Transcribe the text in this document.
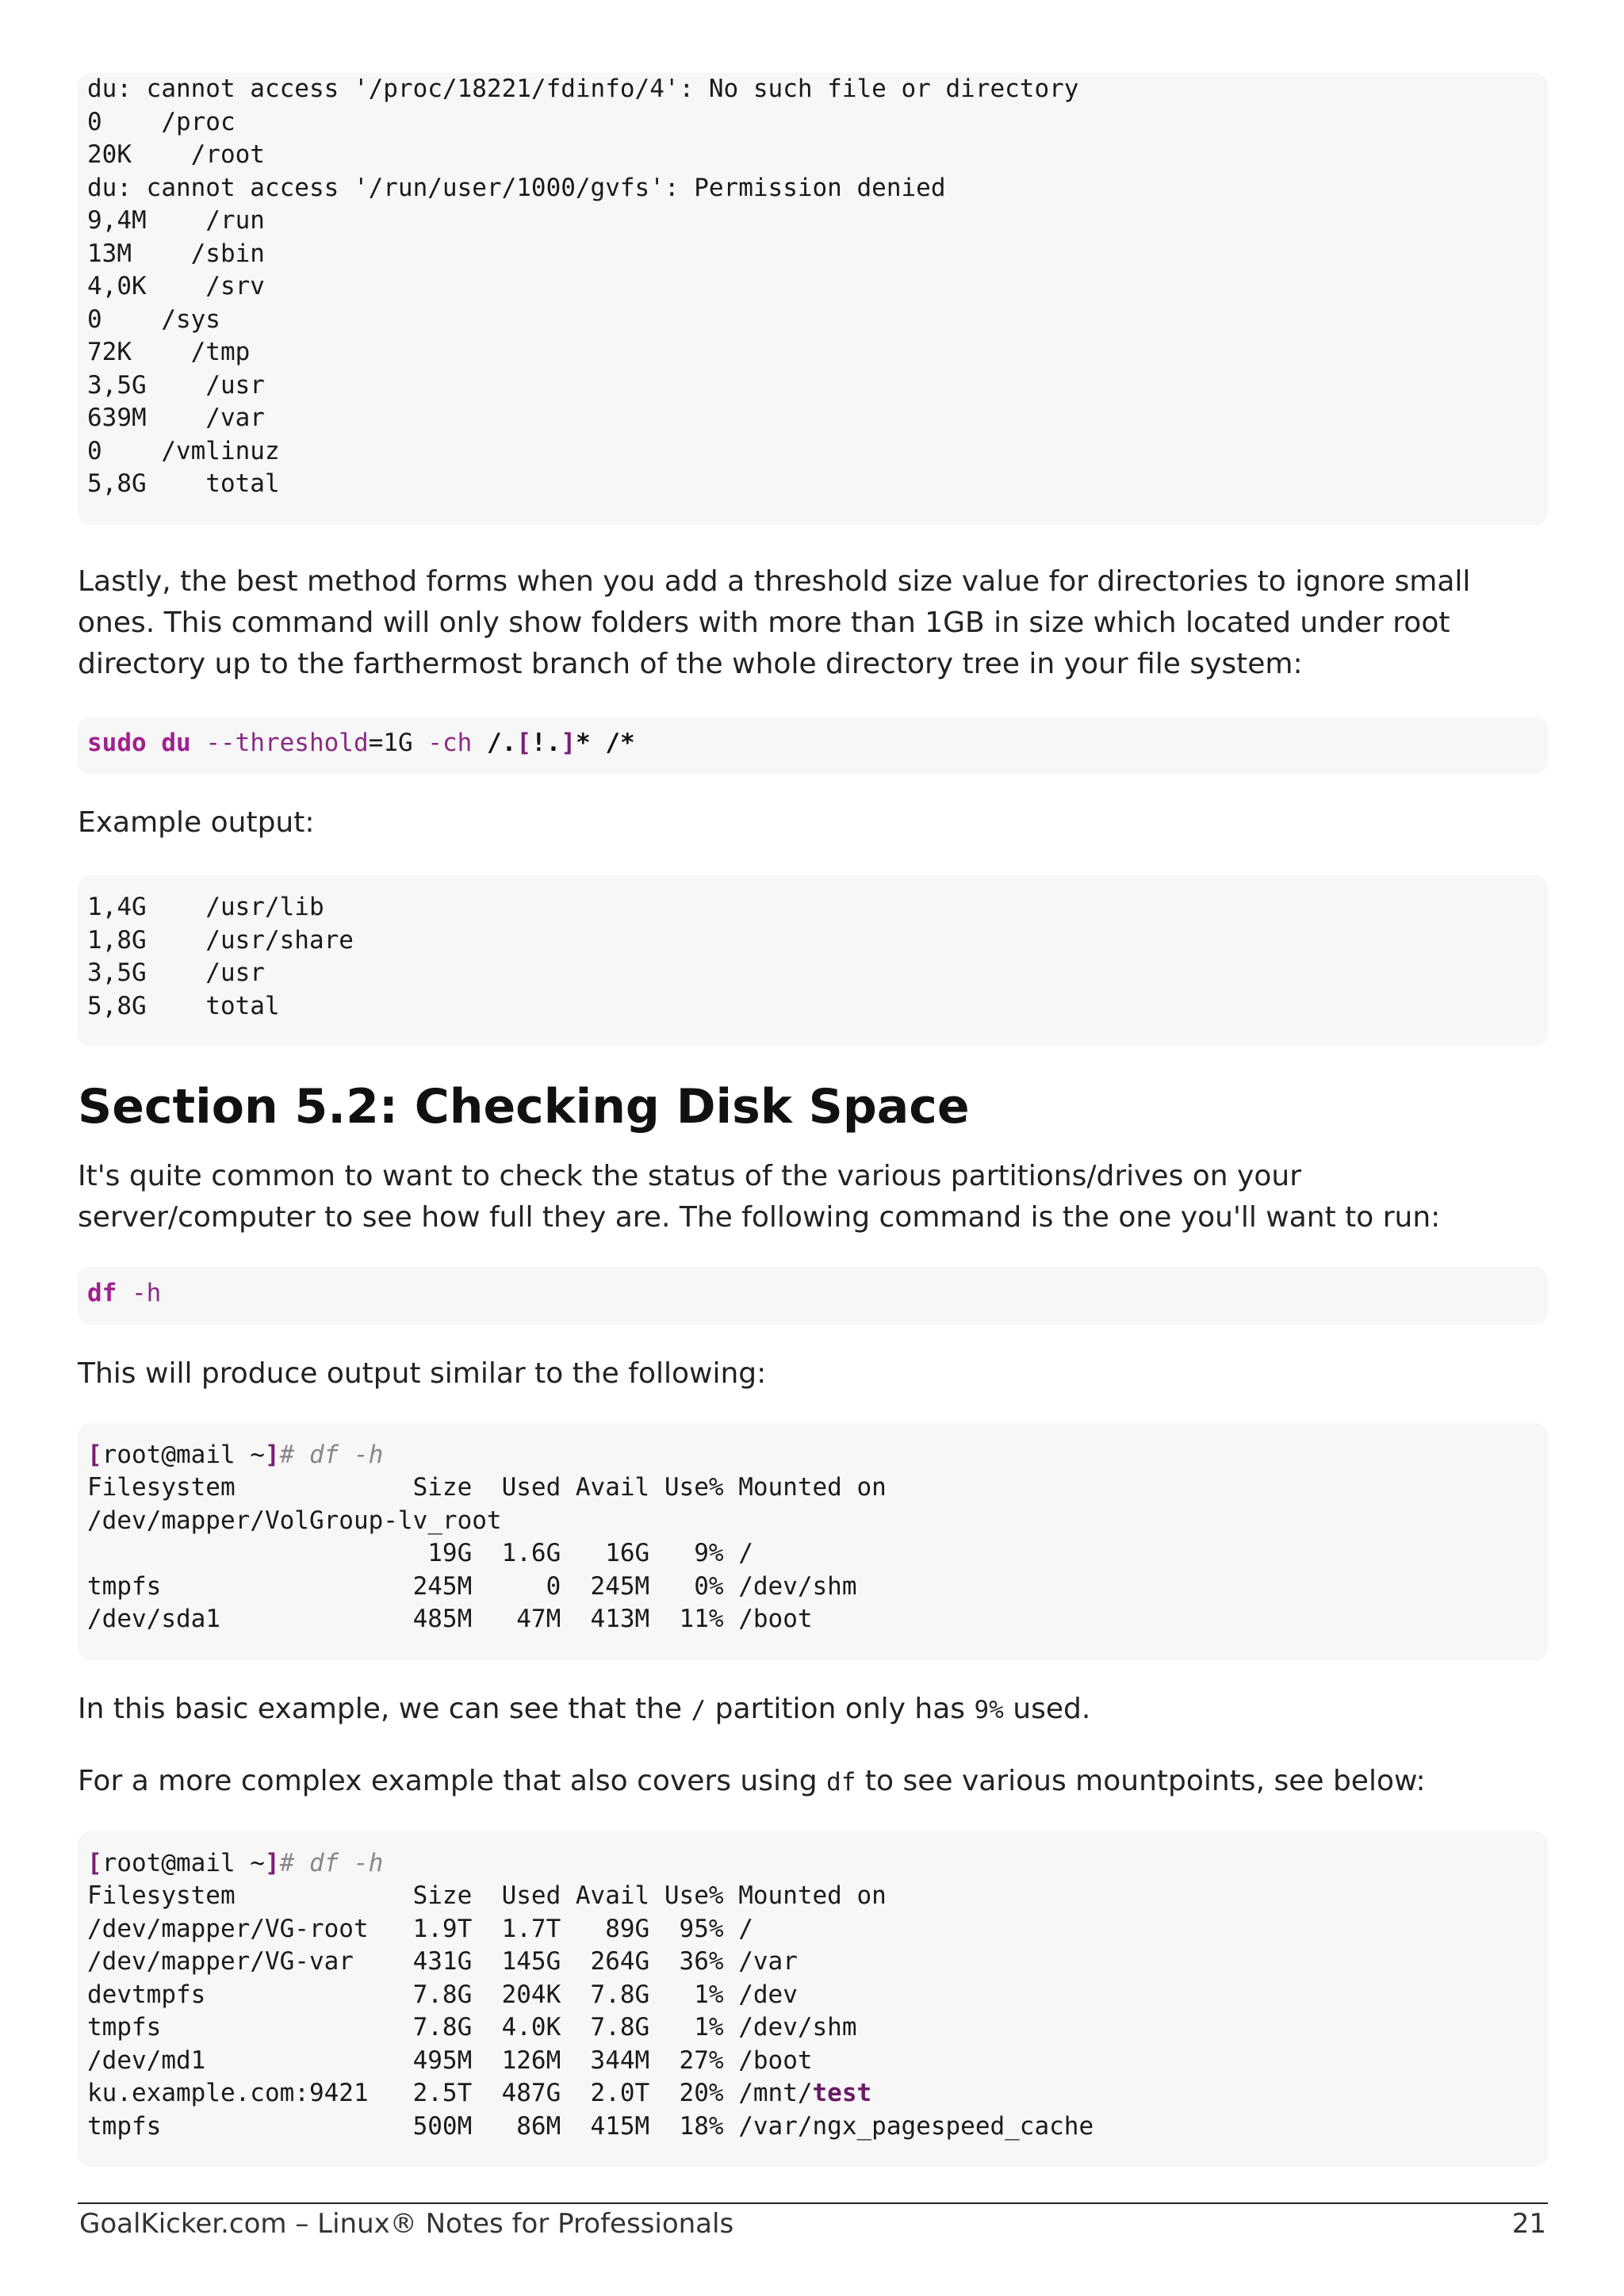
du: cannot access '/proc/18221/fdinfo/4': No such file or directory
0    /proc
20K    /root
du: cannot access '/run/user/1000/gvfs': Permission denied
9,4M    /run
13M    /sbin
4,0K    /srv
0    /sys
72K    /tmp
3,5G    /usr
639M    /var
0    /vmlinuz
5,8G    total

Lastly, the best method forms when you add a threshold size value for directories to ignore small ones. This command will only show folders with more than 1GB in size which located under root directory up to the farthermost branch of the whole directory tree in your file system:

sudo du --threshold=1G -ch /.[!.]* /*

Example output:

1,4G    /usr/lib
1,8G    /usr/share
3,5G    /usr
5,8G    total
Section 5.2: Checking Disk Space

It's quite common to want to check the status of the various partitions/drives on your server/computer to see how full they are. The following command is the one you'll want to run:

df -h

This will produce output similar to the following:

[root@mail ~]# df -h
Filesystem            Size  Used Avail Use% Mounted on
/dev/mapper/VolGroup-lv_root
19G  1.6G   16G   9% /
tmpfs                 245M     0  245M   0% /dev/shm
/dev/sda1             485M   47M  413M  11% /boot

In this basic example, we can see that the / partition only has 9% used.

For a more complex example that also covers using df to see various mountpoints, see below:

[root@mail ~]# df -h
Filesystem            Size  Used Avail Use% Mounted on
/dev/mapper/VG-root   1.9T  1.7T   89G  95% /
/dev/mapper/VG-var    431G  145G  264G  36% /var
devtmpfs              7.8G  204K  7.8G   1% /dev
tmpfs                 7.8G  4.0K  7.8G   1% /dev/shm
/dev/md1              495M  126M  344M  27% /boot
ku.example.com:9421   2.5T  487G  2.0T  20% /mnt/test
tmpfs                 500M   86M  415M  18% /var/ngx_pagespeed_cache
GoalKicker.com – Linux® Notes for Professionals	21
